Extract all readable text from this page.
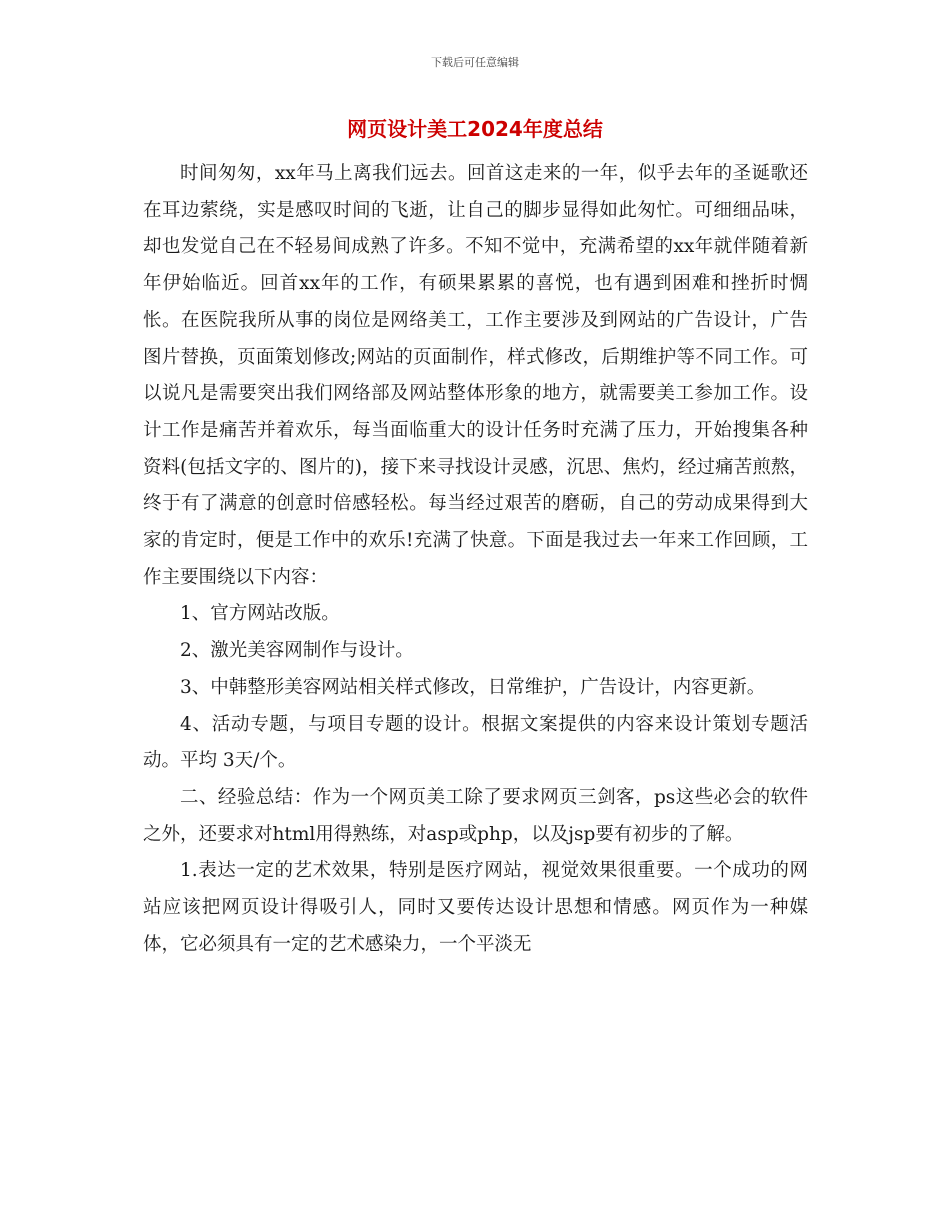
下载后可任意编辑
网页设计美工2024年度总结

时间匆匆，xx年马上离我们远去。回首这走来的一年，似乎去年的圣诞歌还在耳边萦绕，实是感叹时间的飞逝，让自己的脚步显得如此匆忙。可细细品味，却也发觉自己在不轻易间成熟了许多。不知不觉中，充满希望的xx年就伴随着新年伊始临近。回首xx年的工作，有硕果累累的喜悦，也有遇到困难和挫折时惆怅。在医院我所从事的岗位是网络美工，工作主要涉及到网站的广告设计，广告图片替换，页面策划修改;网站的页面制作，样式修改，后期维护等不同工作。可以说凡是需要突出我们网络部及网站整体形象的地方，就需要美工参加工作。设计工作是痛苦并着欢乐，每当面临重大的设计任务时充满了压力，开始搜集各种资料(包括文字的、图片的)，接下来寻找设计灵感，沉思、焦灼，经过痛苦煎熬，终于有了满意的创意时倍感轻松。每当经过艰苦的磨砺，自己的劳动成果得到大家的肯定时，便是工作中的欢乐!充满了快意。下面是我过去一年来工作回顾，工作主要围绕以下内容：

1、官方网站改版。

2、激光美容网制作与设计。

3、中韩整形美容网站相关样式修改，日常维护，广告设计，内容更新。

4、活动专题，与项目专题的设计。根据文案提供的内容来设计策划专题活动。平均 3天/个。

二、经验总结：作为一个网页美工除了要求网页三剑客，ps这些必会的软件之外，还要求对html用得熟练，对asp或php，以及jsp要有初步的了解。

1.表达一定的艺术效果，特别是医疗网站，视觉效果很重要。一个成功的网站应该把网页设计得吸引人，同时又要传达设计思想和情感。网页作为一种媒体，它必须具有一定的艺术感染力，一个平淡无
